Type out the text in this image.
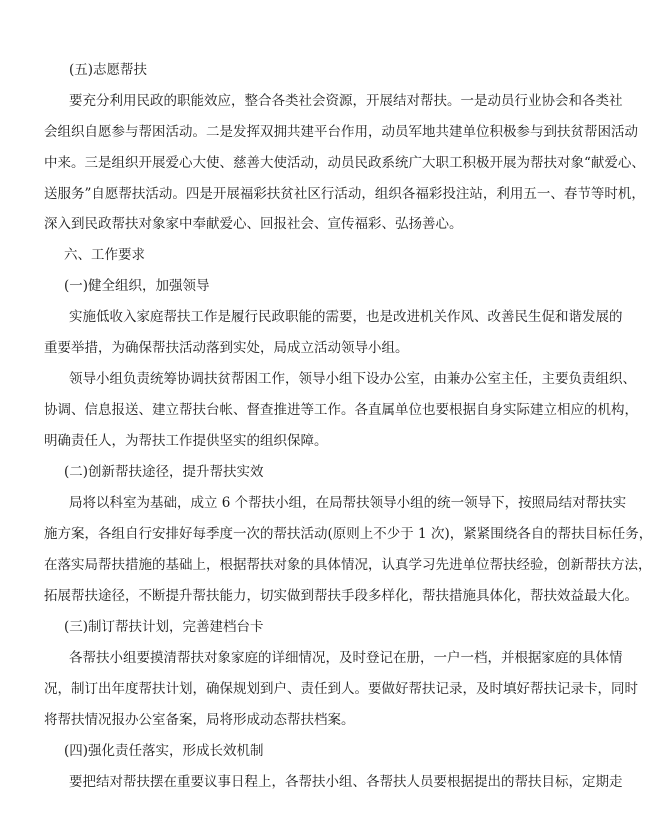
(五)志愿帮扶
要充分利用民政的职能效应，整合各类社会资源，开展结对帮扶。一是动员行业协会和各类社
会组织自愿参与帮困活动。二是发挥双拥共建平台作用，动员军地共建单位积极参与到扶贫帮困活动
中来。三是组织开展爱心大使、慈善大使活动，动员民政系统广大职工积极开展为帮扶对象“献爱心、
送服务”自愿帮扶活动。四是开展福彩扶贫社区行活动，组织各福彩投注站，利用五一、春节等时机，
深入到民政帮扶对象家中奉献爱心、回报社会、宣传福彩、弘扬善心。
六、工作要求
(一)健全组织，加强领导
实施低收入家庭帮扶工作是履行民政职能的需要，也是改进机关作风、改善民生促和谐发展的
重要举措，为确保帮扶活动落到实处，局成立活动领导小组。
领导小组负责统筹协调扶贫帮困工作，领导小组下设办公室，由兼办公室主任，主要负责组织、
协调、信息报送、建立帮扶台帐、督查推进等工作。各直属单位也要根据自身实际建立相应的机构，
明确责任人，为帮扶工作提供坚实的组织保障。
(二)创新帮扶途径，提升帮扶实效
局将以科室为基础，成立 6 个帮扶小组，在局帮扶领导小组的统一领导下，按照局结对帮扶实
施方案，各组自行安排好每季度一次的帮扶活动(原则上不少于 1 次)，紧紧围绕各自的帮扶目标任务，
在落实局帮扶措施的基础上，根据帮扶对象的具体情况，认真学习先进单位帮扶经验，创新帮扶方法，
拓展帮扶途径，不断提升帮扶能力，切实做到帮扶手段多样化，帮扶措施具体化，帮扶效益最大化。
(三)制订帮扶计划，完善建档台卡
各帮扶小组要摸清帮扶对象家庭的详细情况，及时登记在册，一户一档，并根据家庭的具体情
况，制订出年度帮扶计划，确保规划到户、责任到人。要做好帮扶记录，及时填好帮扶记录卡，同时
将帮扶情况报办公室备案，局将形成动态帮扶档案。
(四)强化责任落实，形成长效机制
要把结对帮扶摆在重要议事日程上，各帮扶小组、各帮扶人员要根据提出的帮扶目标，定期走
